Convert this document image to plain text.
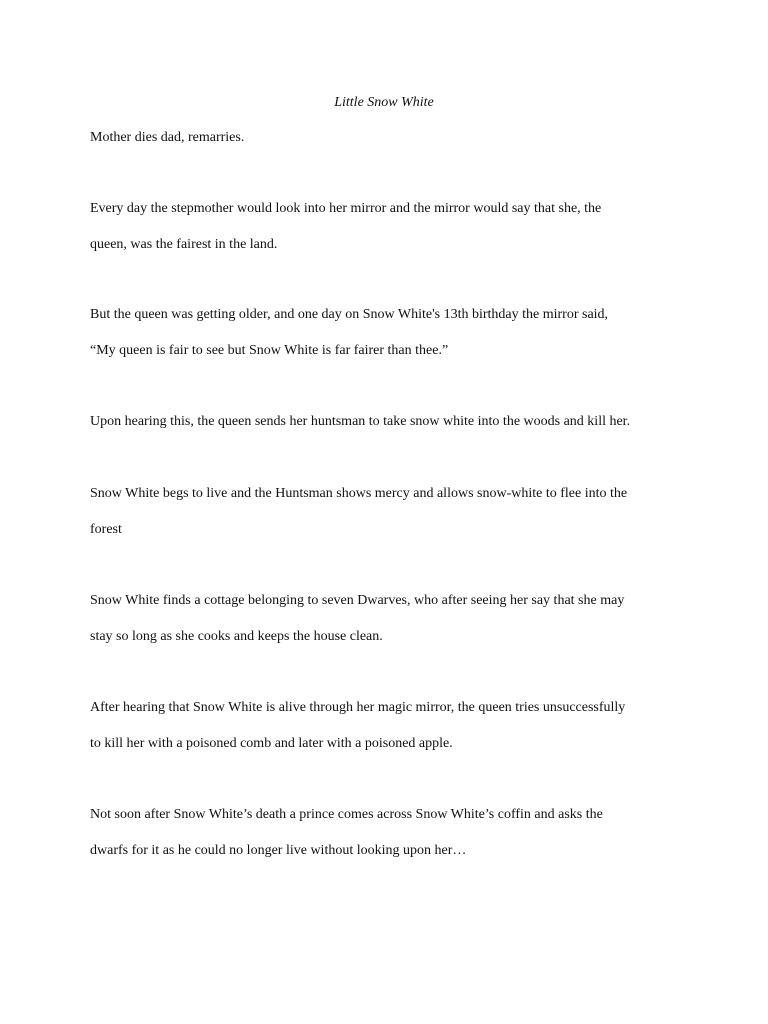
Little Snow White

Mother dies dad, remarries.

Every day the stepmother would look into her mirror and the mirror would say that she, the
queen, was the fairest in the land.

But the queen was getting older, and one day on Snow White's 13th birthday the mirror said,
“My queen is fair to see but Snow White is far fairer than thee.”

Upon hearing this, the queen sends her huntsman to take snow white into the woods and kill her.

Snow White begs to live and the Huntsman shows mercy and allows snow-white to flee into the
forest

Snow White finds a cottage belonging to seven Dwarves, who after seeing her say that she may
stay so long as she cooks and keeps the house clean.

After hearing that Snow White is alive through her magic mirror, the queen tries unsuccessfully
to kill her with a poisoned comb and later with a poisoned apple.

Not soon after Snow White’s death a prince comes across Snow White’s coffin and asks the
dwarfs for it as he could no longer live without looking upon her…
